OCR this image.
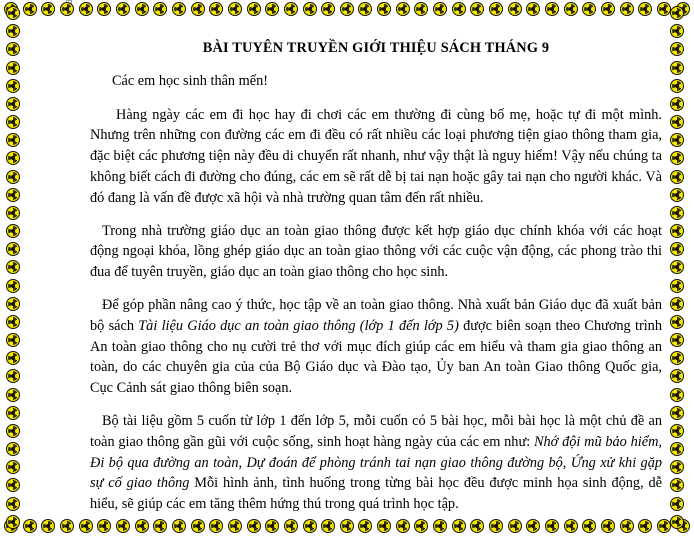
BÀI TUYÊN TRUYỀN GIỚI THIỆU SÁCH THÁNG 9

Các em học sinh thân mến!

Hàng ngày các em đi học hay đi chơi các em thường đi cùng bố mẹ, hoặc tự đi một mình. Nhưng trên những con đường các em đi đều có rất nhiều các loại phương tiện giao thông tham gia, đặc biệt các phương tiện này đều di chuyển rất nhanh, như vậy thật là nguy hiểm! Vậy nếu chúng ta không biết cách đi đường cho đúng, các em sẽ rất dễ bị tai nạn hoặc gây tai nạn cho người khác. Và đó đang là vấn đề được xã hội và nhà trường quan tâm đến rất nhiều.

Trong nhà trường giáo dục an toàn giao thông được kết hợp giáo dục chính khóa với các hoạt động ngoại khóa, lồng ghép giáo dục an toàn giao thông với các cuộc vận động, các phong trào thi đua để tuyên truyền, giáo dục an toàn giao thông cho học sinh.

Để góp phần nâng cao ý thức, học tập về an toàn giao thông. Nhà xuất bản Giáo dục đã xuất bản bộ sách Tài liệu Giáo dục an toàn giao thông (lớp 1 đến lớp 5) được biên soạn theo Chương trình An toàn giao thông cho nụ cười trẻ thơ với mục đích giúp các em hiểu và tham gia giao thông an toàn, do các chuyên gia của của Bộ Giáo dục và Đào tạo, Ủy ban An toàn Giao thông Quốc gia, Cục Cảnh sát giao thông biên soạn.

Bộ tài liệu gồm 5 cuốn từ lớp 1 đến lớp 5, mỗi cuốn có 5 bài học, mỗi bài học là một chủ đề an toàn giao thông gần gũi với cuộc sống, sinh hoạt hàng ngày của các em như: Nhớ đội mũ bảo hiểm, Đi bộ qua đường an toàn, Dự đoán để phòng tránh tai nạn giao thông đường bộ, Ứng xử khi gặp sự cố giao thông Mỗi hình ảnh, tình huống trong từng bài học đều được minh họa sinh động, dễ hiểu, sẽ giúp các em tăng thêm hứng thú trong quá trình học tập.
